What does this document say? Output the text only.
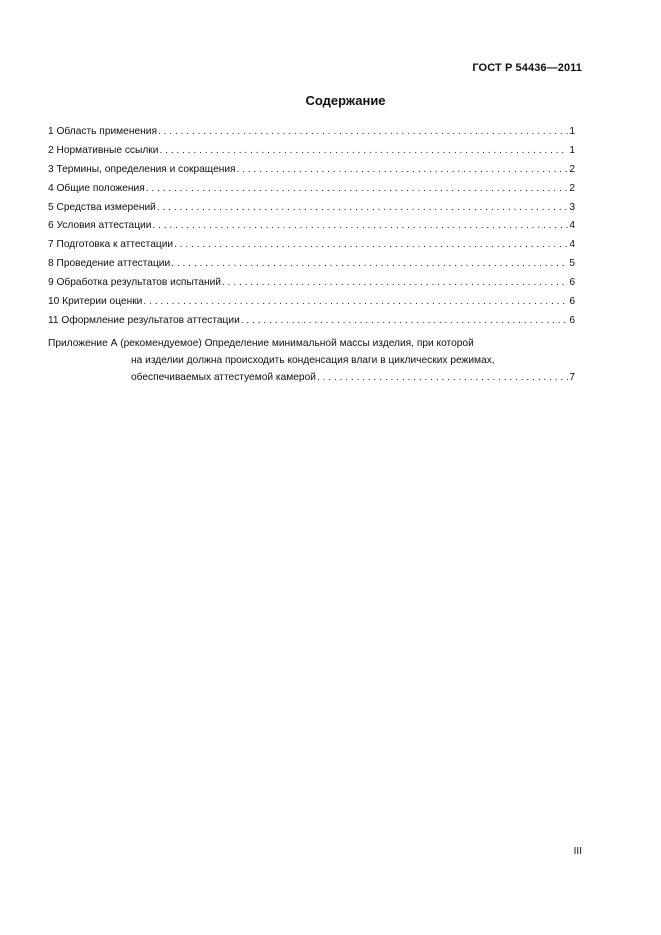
ГОСТ Р 54436—2011
Содержание
1 Область применения . . .	1
2 Нормативные ссылки . . .	1
3 Термины, определения и сокращения . . .	2
4 Общие положения . . .	2
5 Средства измерений . . .	3
6 Условия аттестации . . .	4
7 Подготовка к аттестации . . .	4
8 Проведение аттестации . . .	5
9 Обработка результатов испытаний . . .	6
10 Критерии оценки . . .	6
11 Оформление результатов аттестации . . .	6
Приложение А (рекомендуемое) Определение минимальной массы изделия, при которой
на изделии должна происходить конденсация влаги в циклических режимах,
обеспечиваемых аттестуемой камерой . . .	7
III
